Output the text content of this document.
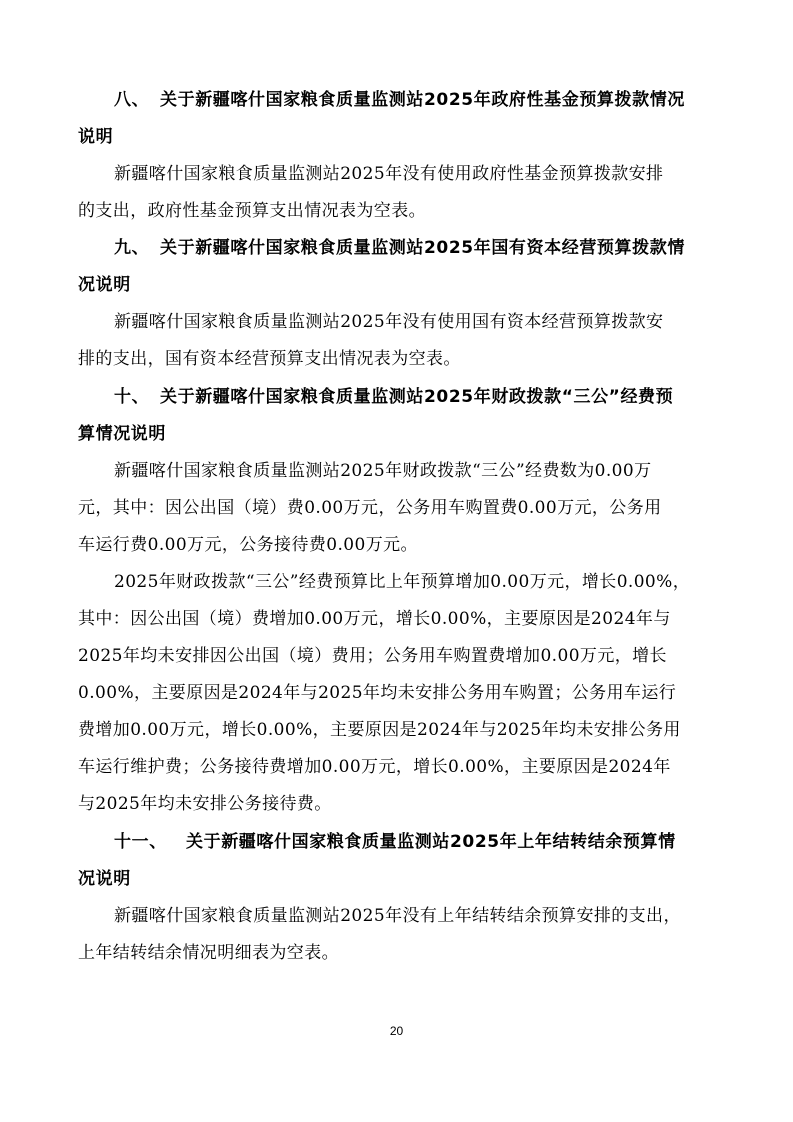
八、 关于新疆喀什国家粮食质量监测站2025年政府性基金预算拨款情况
说明
新疆喀什国家粮食质量监测站2025年没有使用政府性基金预算拨款安排
的支出，政府性基金预算支出情况表为空表。
九、 关于新疆喀什国家粮食质量监测站2025年国有资本经营预算拨款情
况说明
新疆喀什国家粮食质量监测站2025年没有使用国有资本经营预算拨款安
排的支出，国有资本经营预算支出情况表为空表。
十、 关于新疆喀什国家粮食质量监测站2025年财政拨款“三公”经费预
算情况说明
新疆喀什国家粮食质量监测站2025年财政拨款“三公”经费数为0.00万
元，其中：因公出国（境）费0.00万元，公务用车购置费0.00万元，公务用
车运行费0.00万元，公务接待费0.00万元。
2025年财政拨款“三公”经费预算比上年预算增加0.00万元，增长0.00%，
其中：因公出国（境）费增加0.00万元，增长0.00%，主要原因是2024年与
2025年均未安排因公出国（境）费用；公务用车购置费增加0.00万元，增长
0.00%，主要原因是2024年与2025年均未安排公务用车购置；公务用车运行
费增加0.00万元，增长0.00%，主要原因是2024年与2025年均未安排公务用
车运行维护费；公务接待费增加0.00万元，增长0.00%，主要原因是2024年
与2025年均未安排公务接待费。
十一、 关于新疆喀什国家粮食质量监测站2025年上年结转结余预算情
况说明
新疆喀什国家粮食质量监测站2025年没有上年结转结余预算安排的支出，
上年结转结余情况明细表为空表。
20
